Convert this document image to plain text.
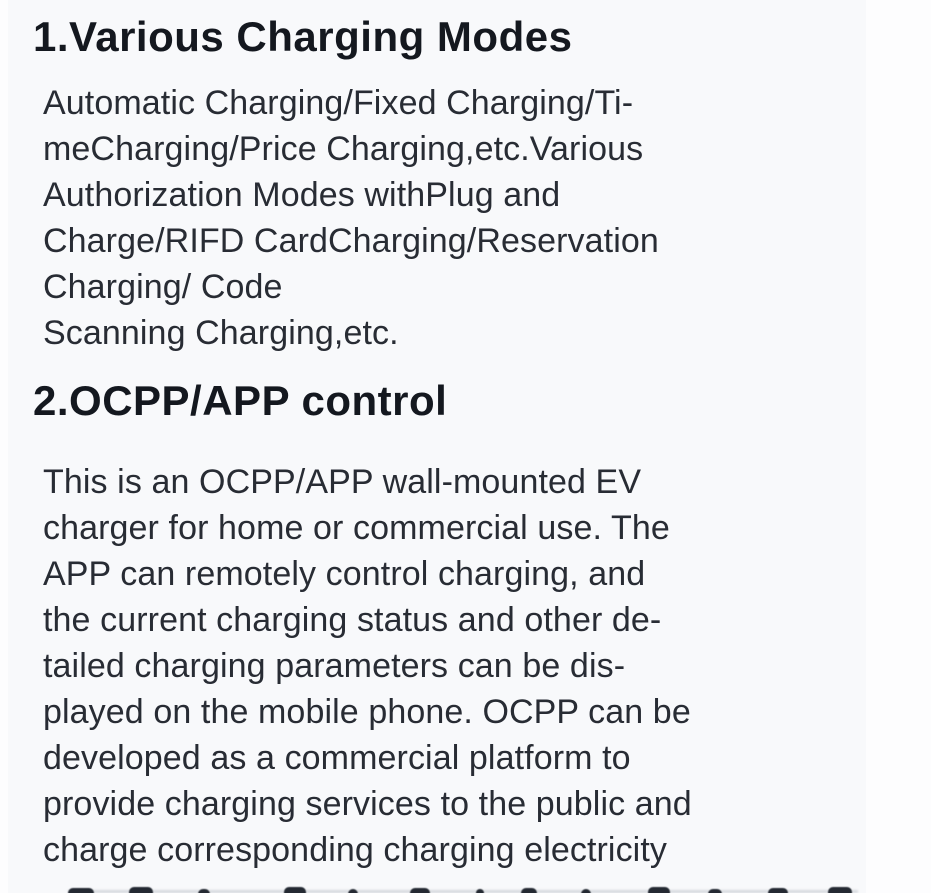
1.Various Charging Modes
Automatic Charging/Fixed Charging/Ti-
meCharging/Price Charging,etc.Various
Authorization Modes withPlug and
Charge/RIFD CardCharging/Reservation
Charging/ Code
Scanning Charging,etc.
2.OCPP/APP control
This is an OCPP/APP wall-mounted EV
charger for home or commercial use. The
APP can remotely control charging, and
the current charging status and other de-
tailed charging parameters can be dis-
played on the mobile phone. OCPP can be
developed as a commercial platform to
provide charging services to the public and
charge corresponding charging electricity
